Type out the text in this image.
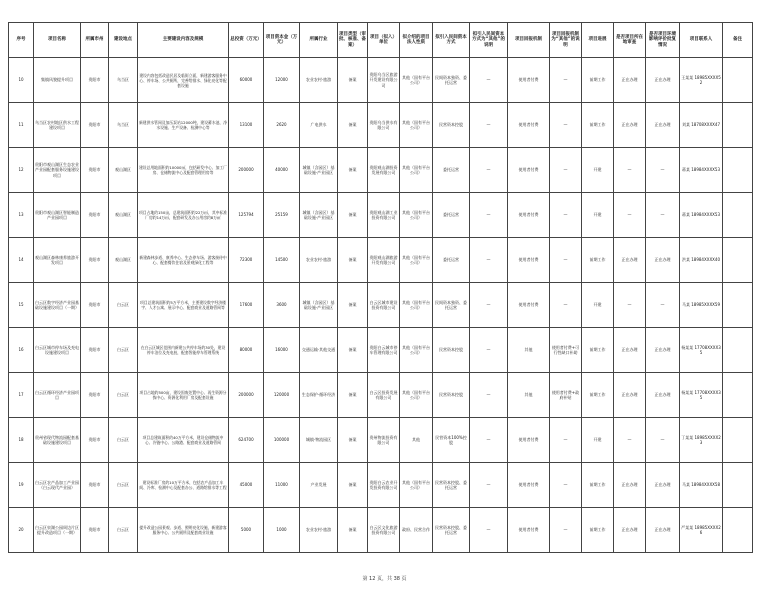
序号	项目名称	所属市州	建设地点	主要建设内容及规模	总投资（万元）	项目资本金（万元）	所属行业	项目类型（审批、核准、备案）	项目（拟入）单位	拟介绍的项目法人性质	拟引入民间资本方式	拟引入民间资本方式为“其他”的说明	项目回报机制	项目回报机制为“其他”的说明	项目进展	是否项目所在地审查	是否项目环境影响评价批复情况	项目联系人	备注
10	集镇风貌提升项目	贵阳市	乌当区	建设内容包括改造民居及临街立面，新建游客服务中心、停车场、公共厕所，完善给排水、绿化亮化等配套设施	60000	12000	农业农村·旅游	备案	贵阳乌当区旅游开发建设有限公司	其他（国有平台公司）	民间资本独资、委托运营	—	使用者付费	—	前期工作	正在办理	正在办理	王某某 18985XXXX52	
11	乌当区农村地区供水工程建设项目	贵阳市	乌当区	新建供水管网及加压泵站12000吨，建设蓄水池、净水设施、生产设备、检测中心等	13100	2620	广电供水	备案	贵阳乌当供水有限公司	其他（国有平台公司）	民营资本控股	—	使用者付费	—	前期工作	正在办理	正在办理	刘某 18708XXXX47	
12	贵阳市观山湖区生态农业产业园配套服务设施建设项目	贵阳市	观山湖区	建设总用地面积约10000㎡，包括研发中心、加工厂房、仓储物流中心及配套管理用房等	200000	40000	城镇（含园区）基础设施·产业园区	备案	贵阳观山湖投资发展有限公司	其他（国有平台公司）	委托运营	—	使用者付费	—	开建	—	—	蒋某 18984XXXX53	
13	贵阳市观山湖区智能制造产业园项目	贵阳市	观山湖区	项目占地约150亩，总建筑面积约22万㎡，其中标准厂房约14万㎡，配套研发及办公用房约8万㎡	125794	25159	城镇（含园区）基础设施·产业园区	备案	贵阳观山湖工业投资有限公司	其他（国有平台公司）	委托运营	—	使用者付费	—	开建	—	—	蒋某 18984XXXX53	
14	观山湖区森林康养旅游开发项目	贵阳市	观山湖区	新建森林步道、康养中心、生态停车场、游客接待中心、配套餐饮住宿及景观绿化工程等	72300	14500	农业农村·旅游	备案	贵阳观山湖旅游开发有限公司	其他（国有平台公司）	委托运营	—	使用者付费	—	前期工作	正在办理	正在办理	洪某 18984XXXX40	
15	白云区数字经济产业园基础设施建设项目（一期）	贵阳市	白云区	项目总建筑面积约5万平方米，主要建设数字经济楼宇、人才公寓、展示中心、配套商业及道路管网等	17600	3600	城镇（含园区）基础设施·产业园区	备案	白云区城市建设投资有限公司	其他（国有平台公司）	民间资本独资、委托运营	—	使用者付费	—	开建	—	—	马某 18985XXXX59	
16	白云区城市停车场及充电设施建设项目	贵阳市	白云区	在白云区城区范围内新建公共停车场约30处，建设停车泊位及充电桩，配套智能停车管理系统	80000	16000	交通运输·其他交通	备案	贵阳白云城市停车管理有限公司	其他（国有平台公司）	民营资本控股	—	其他	使用者付费+可行性缺口补助	前期工作	正在办理	正在办理	杨某某 17708XXXX35	
17	白云区循环经济产业园项目	贵阳市	白云区	项目占地约500亩，建设固废处置中心、再生资源分拣中心、资源化利用厂房及配套设施	200000	120000	生态保护·循环经济	备案	白云区投资发展有限公司	其他（国有平台公司）	民营资本控股	—	其他	使用者付费+政府补贴	前期工作	正在办理	正在办理	杨某某 17708XXXX35	
18	贵州省现代物流园配套基础设施建设项目	贵阳市	白云区	项目总建筑面积约40万平方米，建设仓储物流中心、冷链中心、公路港、配套商业及道路管网	624700	100000	城镇·物流园区	备案	贵州物流投资有限公司	其他	民营资本100%控股	—	使用者付费	—	开建	—	—	丁某某 18985XXXX23	
19	白云区农产品加工产业园（白云现代产业园）	贵阳市	白云区	建设标准厂房约10万平方米，包括农产品加工车间、冷库、检测中心及配套办公、道路给排水等工程	45000	11000	产业发展	备案	贵阳白云农业开发投资有限公司	其他（国有平台公司）	民营资本控股、委托运营	—	使用者付费	—	前期工作	正在办理	正在办理	马某 18984XXXX58	
20	白云区泉湖公园周边片区提升改造项目（一期）	贵阳市	白云区	提升改造公园景观、步道、照明亮化设施，新建游客服务中心、公共厕所及配套商业设施	5000	1000	农业农村·旅游	备案	白云区文化旅游投资有限公司	政府、民营合作	民营资本控股、委托运营	—	使用者付费	—	前期工作	正在办理	正在办理	严某某 18985XXXX26	
第 12 页，共 38 页
